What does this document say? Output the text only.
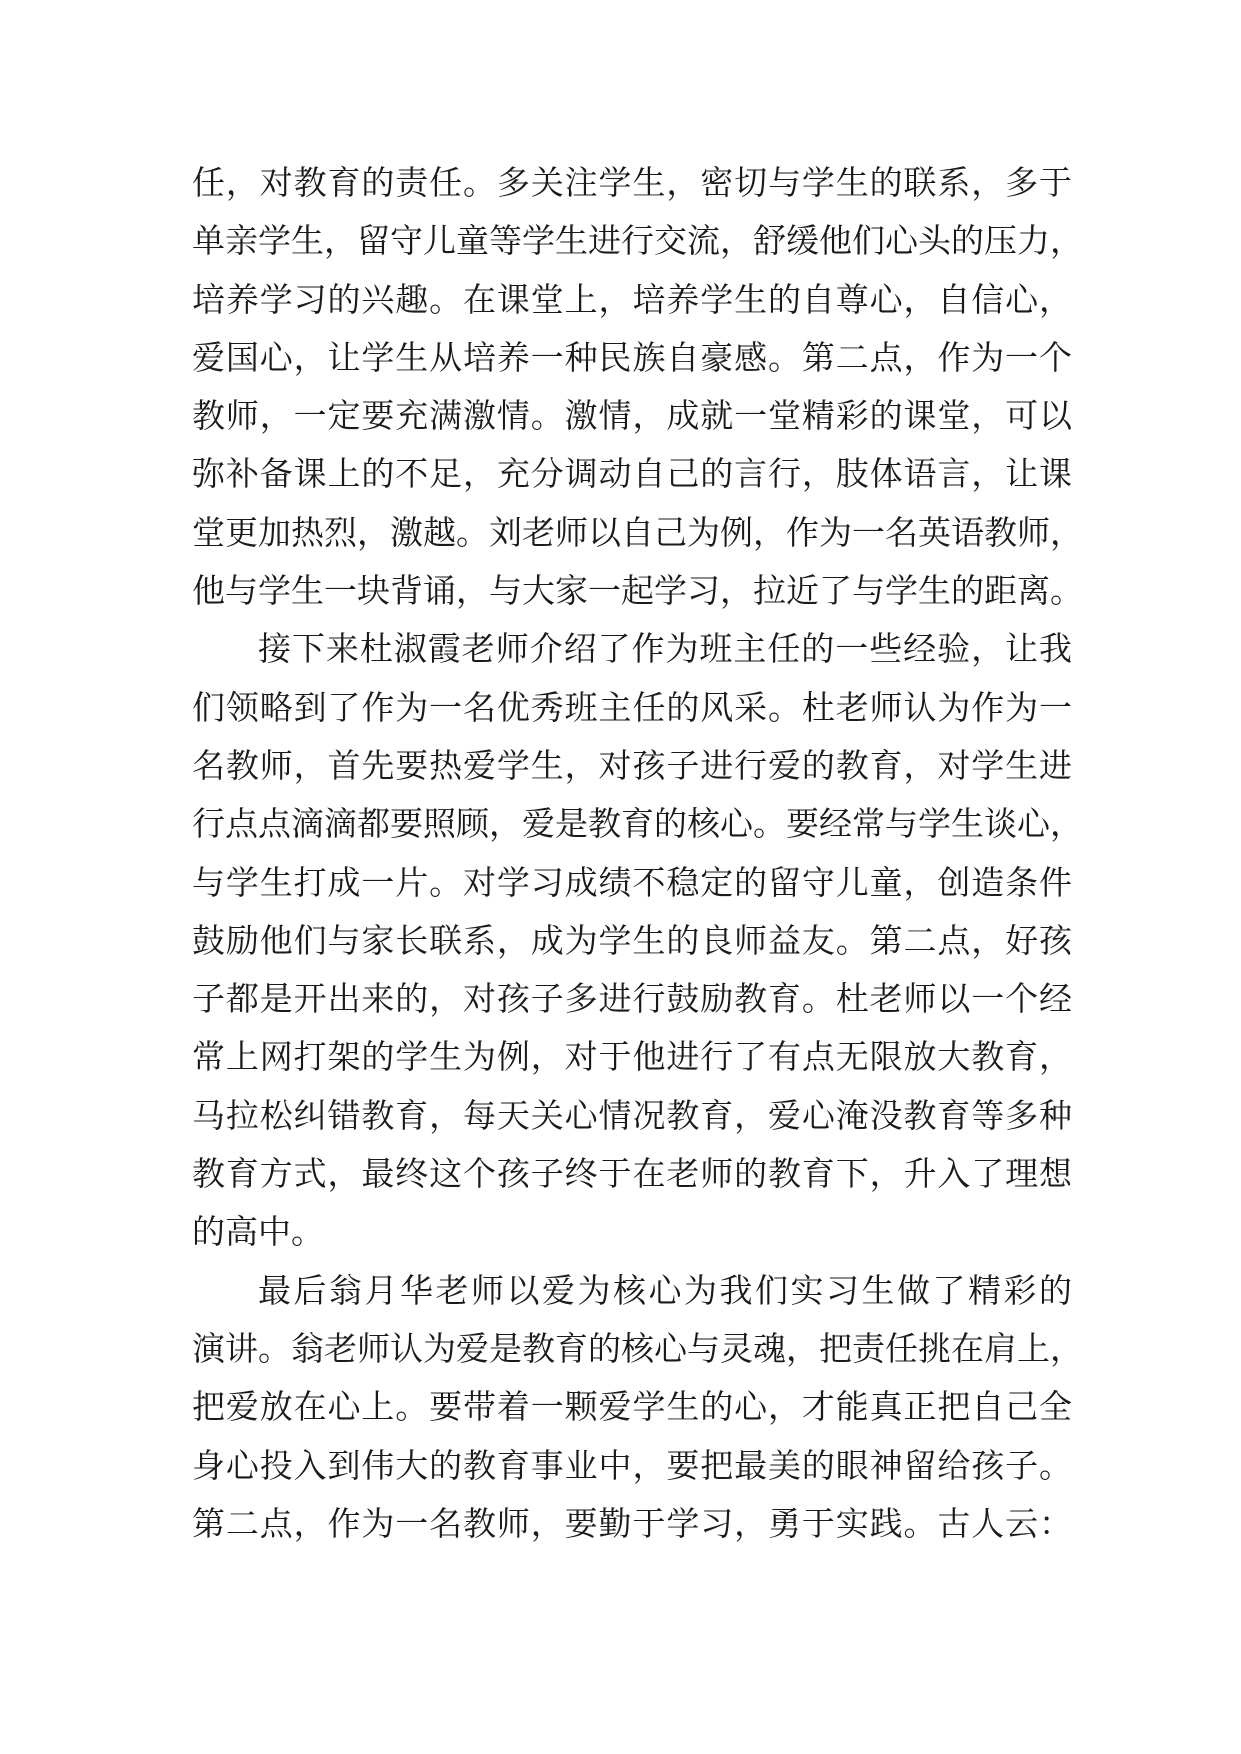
任，对教育的责任。多关注学生，密切与学生的联系，多于
单亲学生，留守儿童等学生进行交流，舒缓他们心头的压力，
培养学习的兴趣。在课堂上，培养学生的自尊心，自信心，
爱国心，让学生从培养一种民族自豪感。第二点，作为一个
教师，一定要充满激情。激情，成就一堂精彩的课堂，可以
弥补备课上的不足，充分调动自己的言行，肢体语言，让课
堂更加热烈，激越。刘老师以自己为例，作为一名英语教师，
他与学生一块背诵，与大家一起学习，拉近了与学生的距离。
接下来杜淑霞老师介绍了作为班主任的一些经验，让我
们领略到了作为一名优秀班主任的风采。杜老师认为作为一
名教师，首先要热爱学生，对孩子进行爱的教育，对学生进
行点点滴滴都要照顾，爱是教育的核心。要经常与学生谈心，
与学生打成一片。对学习成绩不稳定的留守儿童，创造条件
鼓励他们与家长联系，成为学生的良师益友。第二点，好孩
子都是开出来的，对孩子多进行鼓励教育。杜老师以一个经
常上网打架的学生为例，对于他进行了有点无限放大教育，
马拉松纠错教育，每天关心情况教育，爱心淹没教育等多种
教育方式，最终这个孩子终于在老师的教育下，升入了理想
的高中。
最后翁月华老师以爱为核心为我们实习生做了精彩的
演讲。翁老师认为爱是教育的核心与灵魂，把责任挑在肩上，
把爱放在心上。要带着一颗爱学生的心，才能真正把自己全
身心投入到伟大的教育事业中，要把最美的眼神留给孩子。
第二点，作为一名教师，要勤于学习，勇于实践。古人云：
